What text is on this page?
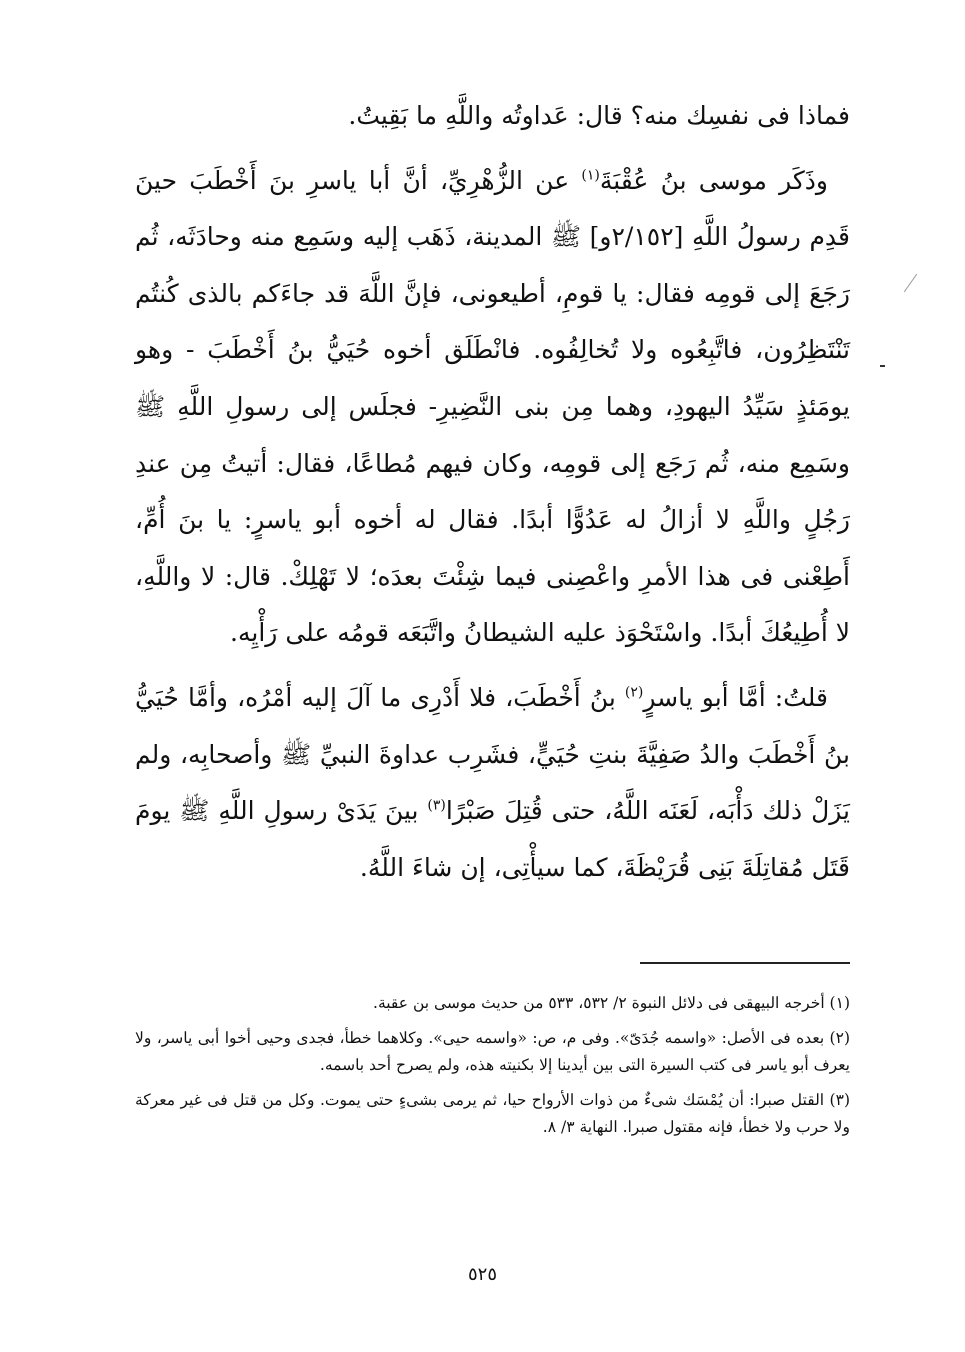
فماذا فى نفسِك منه؟ قال: عَداوتُه واللَّهِ ما بَقِيتُ.

وذَكَر موسى بنُ عُقْبَةَ$^{(١)}$ عن الزُّهْرِيِّ، أنَّ أبا ياسرِ بنَ أَخْطَبَ حينَ قَدِم رسولُ اللَّهِ [٢/١٥٢و] ﷺ المدينة، ذَهَب إليه وسَمِع منه وحادَثَه، ثُم رَجَعَ إلى قومِه فقال: يا قومِ، أطيعونى، فإنَّ اللَّهَ قد جاءَكم بالذى كُنتُم تَنْتَظِرُون، فاتَّبِعُوه ولا تُخالِفُوه. فانْطَلَق أخوه حُيَيُّ بنُ أَخْطَبَ - وهو يومَئذٍ سَيِّدُ اليهودِ، وهما مِن بنى النَّضِيرِ- فجلَس إلى رسولِ اللَّهِ ﷺ وسَمِع منه، ثُم رَجَع إلى قومِه، وكان فيهم مُطاعًا، فقال: أتيتُ مِن عندِ رَجُلٍ واللَّهِ لا أزالُ له عَدُوًّا أبدًا. فقال له أخوه أبو ياسرٍ: يا بنَ أُمِّ، أَطِعْنى فى هذا الأمرِ واعْصِنى فيما شِئْتَ بعدَه؛ لا تَهْلِكْ. قال: لا واللَّهِ، لا أُطِيعُكَ أبدًا. واسْتَحْوَذ عليه الشيطانُ واتَّبَعَه قومُه على رَأْيِه.

قلتُ: أمَّا أبو ياسرٍ$^{(٢)}$ بنُ أَخْطَبَ، فلا أَدْرِى ما آلَ إليه أمْرُه، وأمَّا حُيَيُّ بنُ أَخْطَبَ والدُ صَفِيَّةَ بنتِ حُيَيٍّ، فشَرِب عداوةَ النبيِّ ﷺ وأصحابِه، ولم يَزَلْ ذلك دَأْبَه، لَعَنَه اللَّهُ، حتى قُتِلَ صَبْرًا$^{(٣)}$ بينَ يَدَىْ رسولِ اللَّهِ ﷺ يومَ قَتَل مُقاتِلَةَ بَنِى قُرَيْظَةَ، كما سيأْتِى، إن شاءَ اللَّهُ.

(١) أخرجه البيهقى فى دلائل النبوة ٢/ ٥٣٢، ٥٣٣ من حديث موسى بن عقبة.

(٢) بعده فى الأصل: «واسمه جُدَىّ». وفى م، ص: «واسمه حيى». وكلاهما خطأ، فجدى وحيى أخوا أبى ياسر، ولا يعرف أبو ياسر فى كتب السيرة التى بين أيدينا إلا بكنيته هذه، ولم يصرح أحد باسمه.

(٣) القتل صبرا: أن يُمْسَك شىءٌ من ذوات الأرواح حيا، ثم يرمى بشىءٍ حتى يموت. وكل من قتل فى غير معركة ولا حرب ولا خطأ، فإنه مقتول صبرا. النهاية ٣/ ٨.

٥٢٥
